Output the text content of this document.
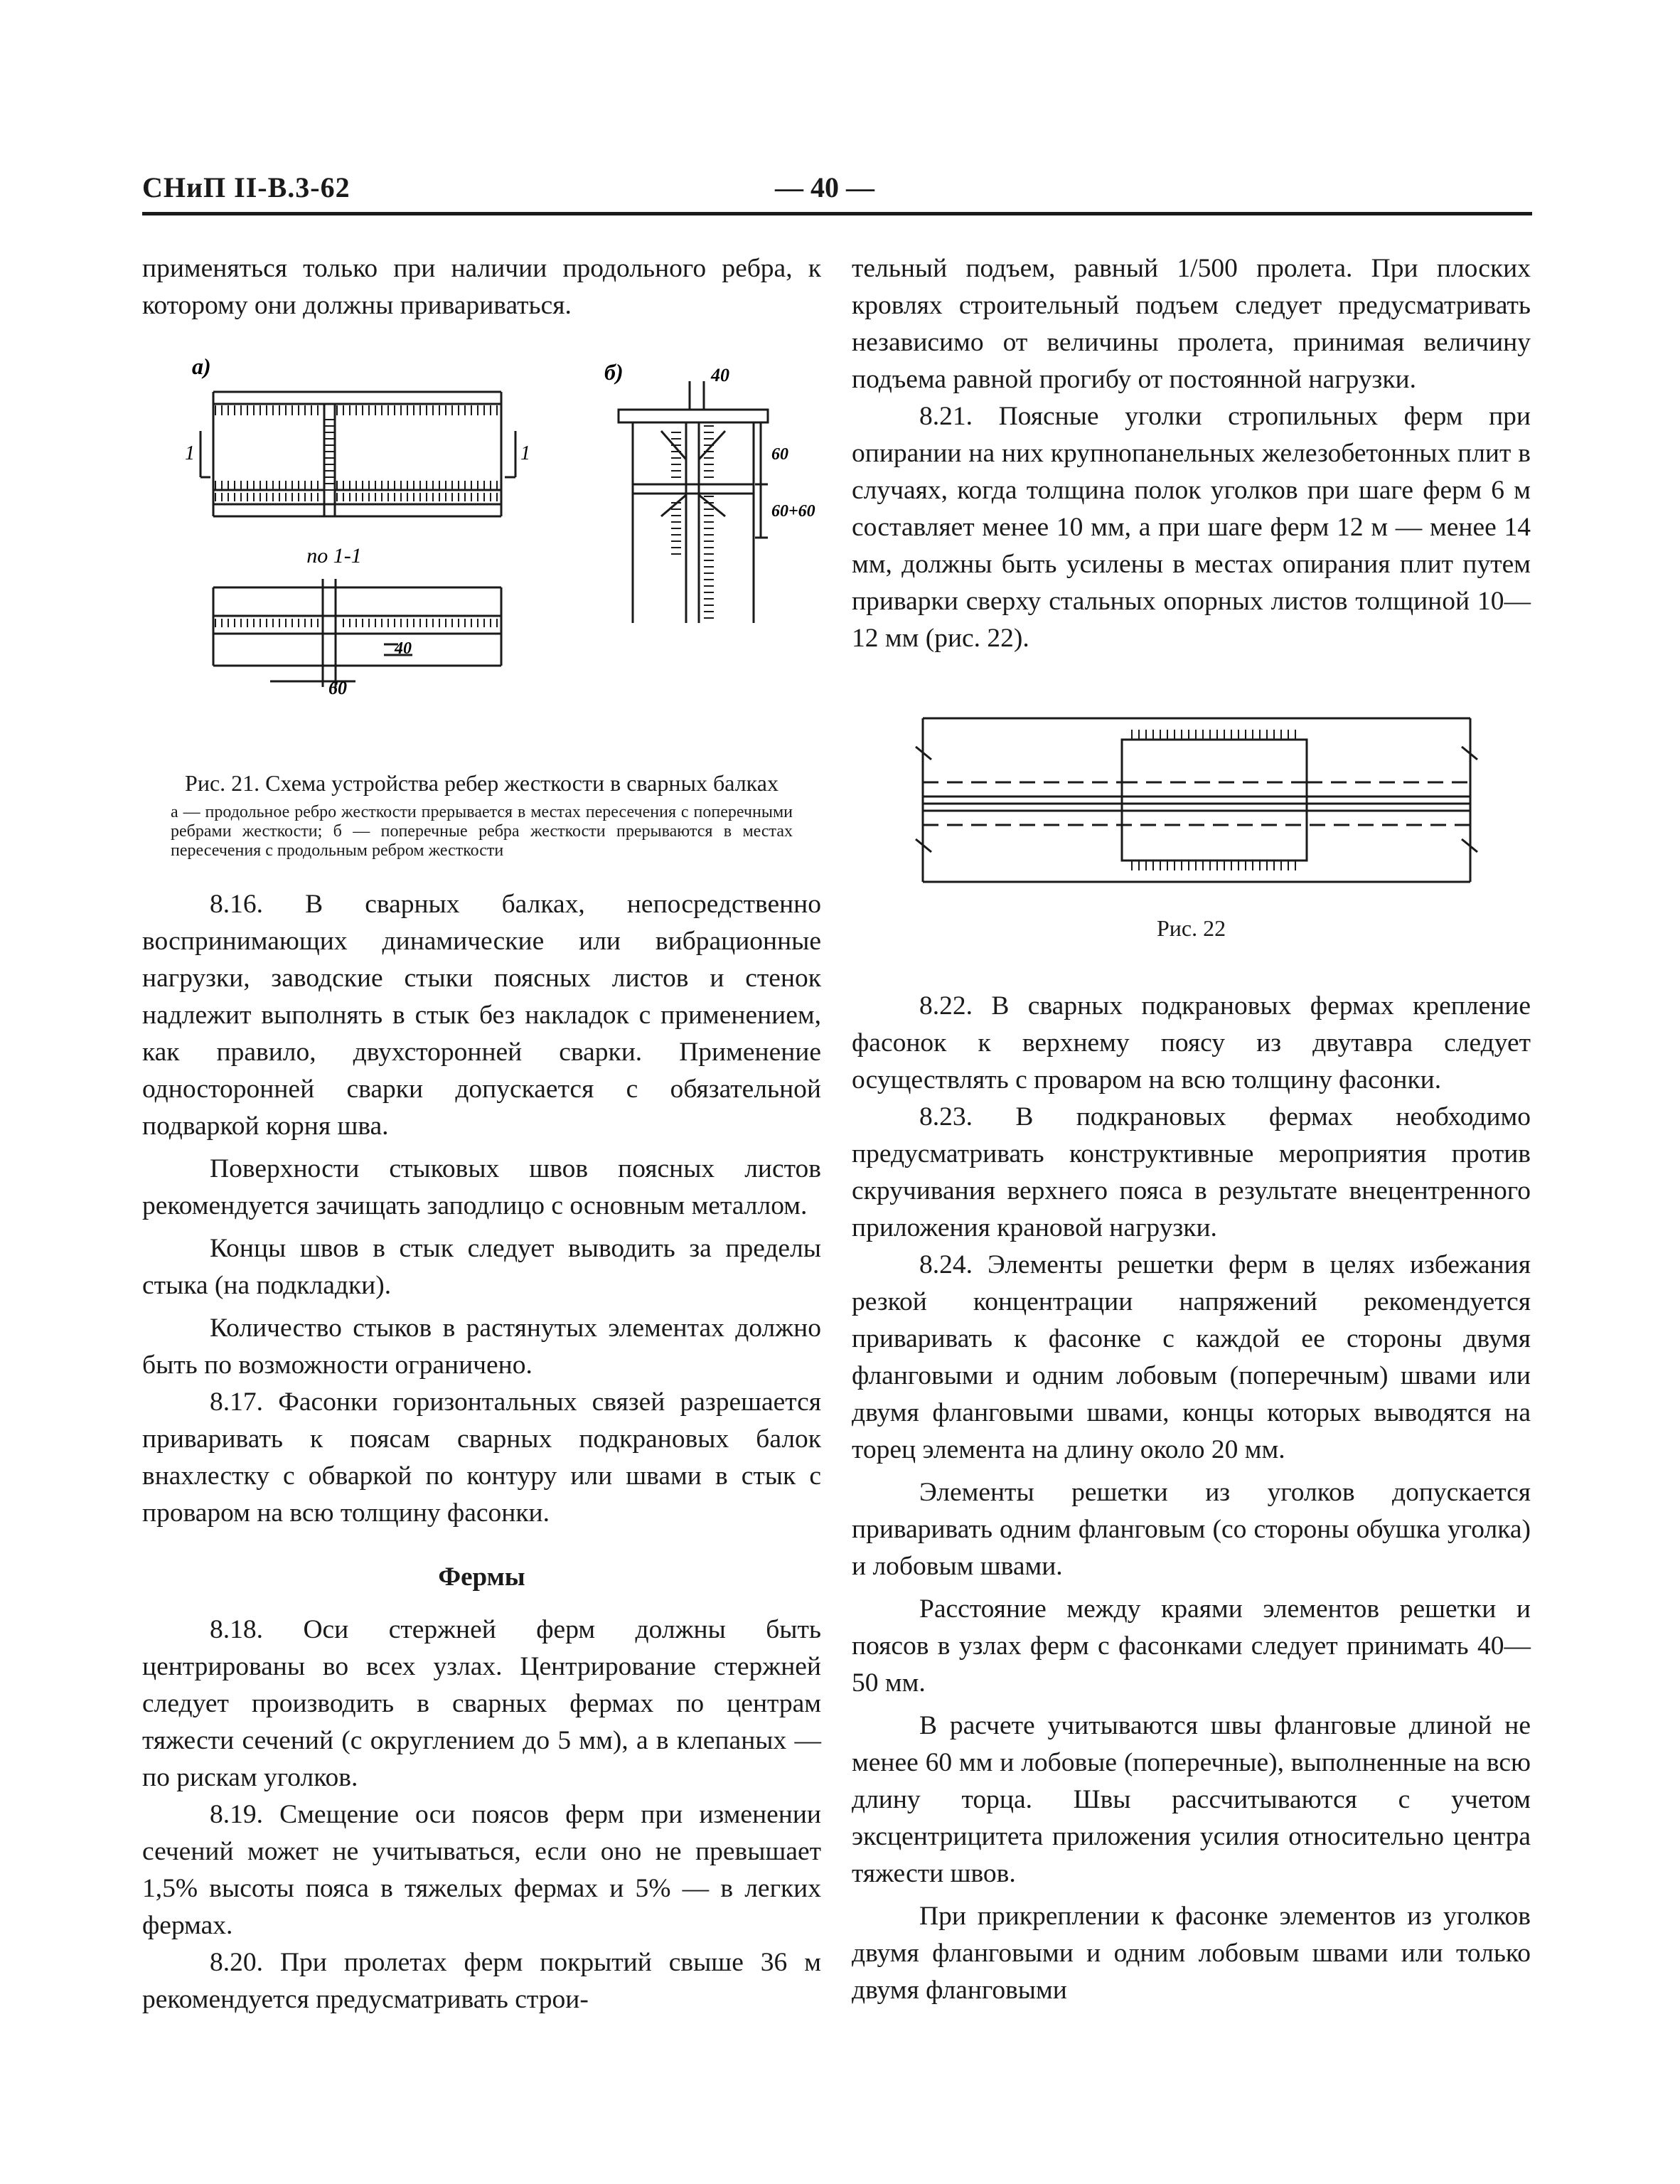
СНиП II-В.3-62	— 40 —

применяться только при наличии продольного ребра, к которому они должны привариваться.

а)
1	1
по 1-1
60
40
б)	40
60
60+60
Рис. 21. Схема устройства ребер жесткости в сварных балках
а — продольное ребро жесткости прерывается в местах пересечения с поперечными ребрами жесткости; б — поперечные ребра жесткости прерываются в местах пересечения с продольным ребром жесткости

8.16. В сварных балках, непосредственно воспринимающих динамические или вибрационные нагрузки, заводские стыки поясных листов и стенок надлежит выполнять в стык без накладок с применением, как правило, двухсторонней сварки. Применение односторонней сварки допускается с обязательной подваркой корня шва.

Поверхности стыковых швов поясных листов рекомендуется зачищать заподлицо с основным металлом.

Концы швов в стык следует выводить за пределы стыка (на подкладки).

Количество стыков в растянутых элементах должно быть по возможности ограничено.

8.17. Фасонки горизонтальных связей разрешается приваривать к поясам сварных подкрановых балок внахлестку с обваркой по контуру или швами в стык с проваром на всю толщину фасонки.

Фермы

8.18. Оси стержней ферм должны быть центрированы во всех узлах. Центрирование стержней следует производить в сварных фермах по центрам тяжести сечений (с округлением до 5 мм), а в клепаных — по рискам уголков.

8.19. Смещение оси поясов ферм при изменении сечений может не учитываться, если оно не превышает 1,5% высоты пояса в тяжелых фермах и 5% — в легких фермах.

8.20. При пролетах ферм покрытий свыше 36 м рекомендуется предусматривать строи-

тельный подъем, равный 1/500 пролета. При плоских кровлях строительный подъем следует предусматривать независимо от величины пролета, принимая величину подъема равной прогибу от постоянной нагрузки.

8.21. Поясные уголки стропильных ферм при опирании на них крупнопанельных железобетонных плит в случаях, когда толщина полок уголков при шаге ферм 6 м составляет менее 10 мм, а при шаге ферм 12 м — менее 14 мм, должны быть усилены в местах опирания плит путем приварки сверху стальных опорных листов толщиной 10—12 мм (рис. 22).

Рис. 22

8.22. В сварных подкрановых фермах крепление фасонок к верхнему поясу из двутавра следует осуществлять с проваром на всю толщину фасонки.

8.23. В подкрановых фермах необходимо предусматривать конструктивные мероприятия против скручивания верхнего пояса в результате внецентренного приложения крановой нагрузки.

8.24. Элементы решетки ферм в целях избежания резкой концентрации напряжений рекомендуется приваривать к фасонке с каждой ее стороны двумя фланговыми и одним лобовым (поперечным) швами или двумя фланговыми швами, концы которых выводятся на торец элемента на длину около 20 мм.

Элементы решетки из уголков допускается приваривать одним фланговым (со стороны обушка уголка) и лобовым швами.

Расстояние между краями элементов решетки и поясов в узлах ферм с фасонками следует принимать 40—50 мм.

В расчете учитываются швы фланговые длиной не менее 60 мм и лобовые (поперечные), выполненные на всю длину торца. Швы рассчитываются с учетом эксцентрицитета приложения усилия относительно центра тяжести швов.

При прикреплении к фасонке элементов из уголков двумя фланговыми и одним лобовым швами или только двумя фланговыми
